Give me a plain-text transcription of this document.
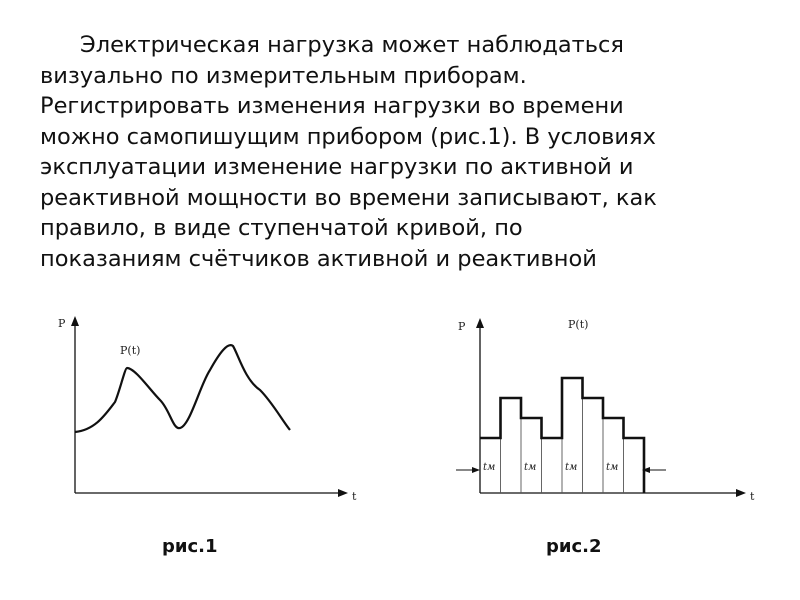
Электрическая нагрузка может наблюдаться
визуально по измерительным приборам.
Регистрировать изменения нагрузки во времени
можно самопишущим прибором (рис.1). В условиях
эксплуатации изменение нагрузки по активной и
реактивной мощности во времени записывают, как
правило, в виде ступенчатой кривой, по
показаниям счётчиков активной и реактивной
P
t
P(t)
P
t
P(t)
tм	tм	tм	tм
рис.1	рис.2
